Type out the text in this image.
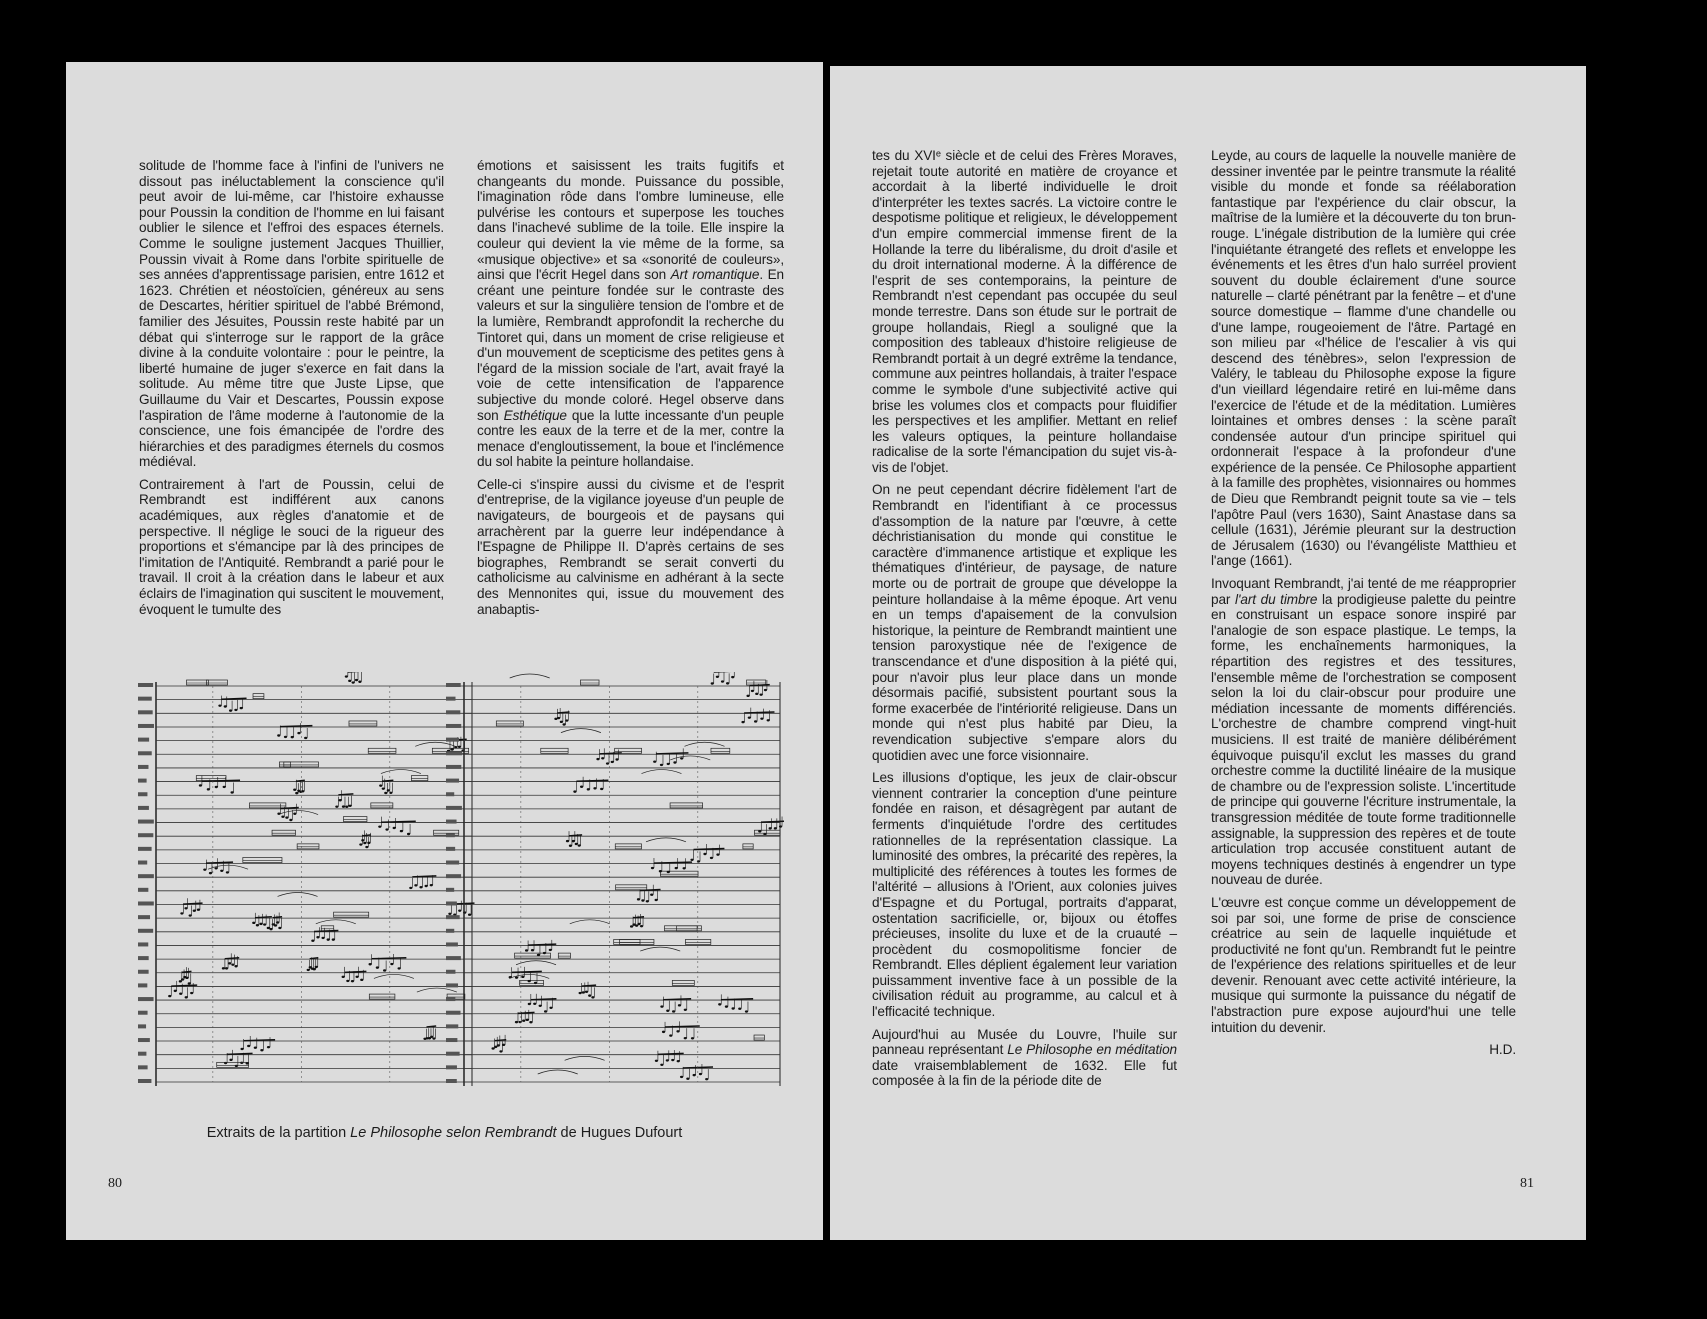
solitude de l'homme face à l'infini de l'univers ne dissout pas inéluctablement la conscience qu'il peut avoir de lui-même, car l'histoire exhausse pour Poussin la condition de l'homme en lui faisant oublier le silence et l'effroi des espaces éternels. Comme le souligne justement Jacques Thuillier, Poussin vivait à Rome dans l'orbite spirituelle de ses années d'apprentissage parisien, entre 1612 et 1623. Chrétien et néostoïcien, généreux au sens de Descartes, héritier spirituel de l'abbé Brémond, familier des Jésuites, Poussin reste habité par un débat qui s'interroge sur le rapport de la grâce divine à la conduite volontaire : pour le peintre, la liberté humaine de juger s'exerce en fait dans la solitude. Au même titre que Juste Lipse, que Guillaume du Vair et Descartes, Poussin expose l'aspiration de l'âme moderne à l'autonomie de la conscience, une fois émancipée de l'ordre des hiérarchies et des paradigmes éternels du cosmos médiéval.

Contrairement à l'art de Poussin, celui de Rembrandt est indifférent aux canons académiques, aux règles d'anatomie et de perspective. Il néglige le souci de la rigueur des proportions et s'émancipe par là des principes de l'imitation de l'Antiquité. Rembrandt a parié pour le travail. Il croit à la création dans le labeur et aux éclairs de l'imagination qui suscitent le mouvement, évoquent le tumulte des

émotions et saisissent les traits fugitifs et changeants du monde. Puissance du possible, l'imagination rôde dans l'ombre lumineuse, elle pulvérise les contours et superpose les touches dans l'inachevé sublime de la toile. Elle inspire la couleur qui devient la vie même de la forme, sa «musique objective» et sa «sonorité de couleurs», ainsi que l'écrit Hegel dans son Art romantique. En créant une peinture fondée sur le contraste des valeurs et sur la singulière tension de l'ombre et de la lumière, Rembrandt approfondit la recherche du Tintoret qui, dans un moment de crise religieuse et d'un mouvement de scepticisme des petites gens à l'égard de la mission sociale de l'art, avait frayé la voie de cette intensification de l'apparence subjective du monde coloré. Hegel observe dans son Esthétique que la lutte incessante d'un peuple contre les eaux de la terre et de la mer, contre la menace d'engloutissement, la boue et l'inclémence du sol habite la peinture hollandaise.

Celle-ci s'inspire aussi du civisme et de l'esprit d'entreprise, de la vigilance joyeuse d'un peuple de navigateurs, de bourgeois et de paysans qui arrachèrent par la guerre leur indépendance à l'Espagne de Philippe II. D'après certains de ses biographes, Rembrandt se serait converti du catholicisme au calvinisme en adhérant à la secte des Mennonites qui, issue du mouvement des anabaptis-

Extraits de la partition Le Philosophe selon Rembrandt de Hugues Dufourt
80

tes du XVIᵉ siècle et de celui des Frères Moraves, rejetait toute autorité en matière de croyance et accordait à la liberté individuelle le droit d'interpréter les textes sacrés. La victoire contre le despotisme politique et religieux, le développement d'un empire commercial immense firent de la Hollande la terre du libéralisme, du droit d'asile et du droit international moderne. À la différence de l'esprit de ses contemporains, la peinture de Rembrandt n'est cependant pas occupée du seul monde terrestre. Dans son étude sur le portrait de groupe hollandais, Riegl a souligné que la composition des tableaux d'histoire religieuse de Rembrandt portait à un degré extrême la tendance, commune aux peintres hollandais, à traiter l'espace comme le symbole d'une subjectivité active qui brise les volumes clos et compacts pour fluidifier les perspectives et les amplifier. Mettant en relief les valeurs optiques, la peinture hollandaise radicalise de la sorte l'émancipation du sujet vis-à-vis de l'objet.

On ne peut cependant décrire fidèlement l'art de Rembrandt en l'identifiant à ce processus d'assomption de la nature par l'œuvre, à cette déchristianisation du monde qui constitue le caractère d'immanence artistique et explique les thématiques d'intérieur, de paysage, de nature morte ou de portrait de groupe que développe la peinture hollandaise à la même époque. Art venu en un temps d'apaisement de la convulsion historique, la peinture de Rembrandt maintient une tension paroxystique née de l'exigence de transcendance et d'une disposition à la piété qui, pour n'avoir plus leur place dans un monde désormais pacifié, subsistent pourtant sous la forme exacerbée de l'intériorité religieuse. Dans un monde qui n'est plus habité par Dieu, la revendication subjective s'empare alors du quotidien avec une force visionnaire.

Les illusions d'optique, les jeux de clair-obscur viennent contrarier la conception d'une peinture fondée en raison, et désagrègent par autant de ferments d'inquiétude l'ordre des certitudes rationnelles de la représentation classique. La luminosité des ombres, la précarité des repères, la multiplicité des références à toutes les formes de l'altérité – allusions à l'Orient, aux colonies juives d'Espagne et du Portugal, portraits d'apparat, ostentation sacrificielle, or, bijoux ou étoffes précieuses, insolite du luxe et de la cruauté – procèdent du cosmopolitisme foncier de Rembrandt. Elles déplient également leur variation puissamment inventive face à un possible de la civilisation réduit au programme, au calcul et à l'efficacité technique.

Aujourd'hui au Musée du Louvre, l'huile sur panneau représentant Le Philosophe en méditation date vraisemblablement de 1632. Elle fut composée à la fin de la période dite de

Leyde, au cours de laquelle la nouvelle manière de dessiner inventée par le peintre transmute la réalité visible du monde et fonde sa réélaboration fantastique par l'expérience du clair obscur, la maîtrise de la lumière et la découverte du ton brun-rouge. L'inégale distribution de la lumière qui crée l'inquiétante étrangeté des reflets et enveloppe les événements et les êtres d'un halo surréel provient souvent du double éclairement d'une source naturelle – clarté pénétrant par la fenêtre – et d'une source domestique – flamme d'une chandelle ou d'une lampe, rougeoiement de l'âtre. Partagé en son milieu par «l'hélice de l'escalier à vis qui descend des ténèbres», selon l'expression de Valéry, le tableau du Philosophe expose la figure d'un vieillard légendaire retiré en lui-même dans l'exercice de l'étude et de la méditation. Lumières lointaines et ombres denses : la scène paraît condensée autour d'un principe spirituel qui ordonnerait l'espace à la profondeur d'une expérience de la pensée. Ce Philosophe appartient à la famille des prophètes, visionnaires ou hommes de Dieu que Rembrandt peignit toute sa vie – tels l'apôtre Paul (vers 1630), Saint Anastase dans sa cellule (1631), Jérémie pleurant sur la destruction de Jérusalem (1630) ou l'évangéliste Matthieu et l'ange (1661).

Invoquant Rembrandt, j'ai tenté de me réapproprier par l'art du timbre la prodigieuse palette du peintre en construisant un espace sonore inspiré par l'analogie de son espace plastique. Le temps, la forme, les enchaînements harmoniques, la répartition des registres et des tessitures, l'ensemble même de l'orchestration se composent selon la loi du clair-obscur pour produire une médiation incessante de moments différenciés. L'orchestre de chambre comprend vingt-huit musiciens. Il est traité de manière délibérément équivoque puisqu'il exclut les masses du grand orchestre comme la ductilité linéaire de la musique de chambre ou de l'expression soliste. L'incertitude de principe qui gouverne l'écriture instrumentale, la transgression méditée de toute forme traditionnelle assignable, la suppression des repères et de toute articulation trop accusée constituent autant de moyens techniques destinés à engendrer un type nouveau de durée.

L'œuvre est conçue comme un développement de soi par soi, une forme de prise de conscience créatrice au sein de laquelle inquiétude et productivité ne font qu'un. Rembrandt fut le peintre de l'expérience des relations spirituelles et de leur devenir. Renouant avec cette activité intérieure, la musique qui surmonte la puissance du négatif de l'abstraction pure expose aujourd'hui une telle intuition du devenir.

H.D.
81
